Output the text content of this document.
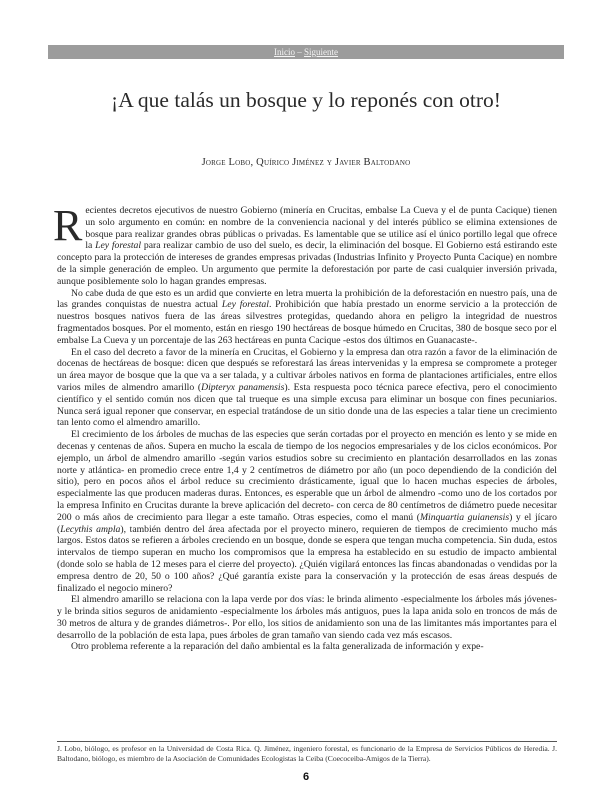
Inicio – Siguiente
¡A que talás un bosque y lo reponés con otro!
Jorge Lobo, Quírico Jiménez y Javier Baltodano

Recientes decretos ejecutivos de nuestro Gobierno (minería en Crucitas, embalse La Cueva y el de punta Cacique) tienen un solo argumento en común: en nombre de la conveniencia nacional y del interés público se elimina extensiones de bosque para realizar grandes obras públicas o privadas. Es lamentable que se utilice así el único portillo legal que ofrece la Ley forestal para realizar cambio de uso del suelo, es decir, la eliminación del bosque. El Gobierno está estirando este concepto para la protección de intereses de grandes empresas privadas (Industrias Infinito y Proyecto Punta Cacique) en nombre de la simple generación de empleo. Un argumento que permite la deforestación por parte de casi cualquier inversión privada, aunque posiblemente solo lo hagan grandes empresas.

No cabe duda de que esto es un ardid que convierte en letra muerta la prohibición de la deforestación en nuestro país, una de las grandes conquistas de nuestra actual Ley forestal. Prohibición que había prestado un enorme servicio a la protección de nuestros bosques nativos fuera de las áreas silvestres protegidas, quedando ahora en peligro la integridad de nuestros fragmentados bosques. Por el momento, están en riesgo 190 hectáreas de bosque húmedo en Crucitas, 380 de bosque seco por el embalse La Cueva y un porcentaje de las 263 hectáreas en punta Cacique -estos dos últimos en Guanacaste-.

En el caso del decreto a favor de la minería en Crucitas, el Gobierno y la empresa dan otra razón a favor de la eliminación de docenas de hectáreas de bosque: dicen que después se reforestará las áreas intervenidas y la empresa se compromete a proteger un área mayor de bosque que la que va a ser talada, y a cultivar árboles nativos en forma de plantaciones artificiales, entre ellos varios miles de almendro amarillo (Dipteryx panamensis). Esta respuesta poco técnica parece efectiva, pero el conocimiento científico y el sentido común nos dicen que tal trueque es una simple excusa para eliminar un bosque con fines pecuniarios. Nunca será igual reponer que conservar, en especial tratándose de un sitio donde una de las especies a talar tiene un crecimiento tan lento como el almendro amarillo.

El crecimiento de los árboles de muchas de las especies que serán cortadas por el proyecto en mención es lento y se mide en decenas y centenas de años. Supera en mucho la escala de tiempo de los negocios empresariales y de los ciclos económicos. Por ejemplo, un árbol de almendro amarillo -según varios estudios sobre su crecimiento en plantación desarrollados en las zonas norte y atlántica- en promedio crece entre 1,4 y 2 centímetros de diámetro por año (un poco dependiendo de la condición del sitio), pero en pocos años el árbol reduce su crecimiento drásticamente, igual que lo hacen muchas especies de árboles, especialmente las que producen maderas duras. Entonces, es esperable que un árbol de almendro -como uno de los cortados por la empresa Infinito en Crucitas durante la breve aplicación del decreto- con cerca de 80 centímetros de diámetro puede necesitar 200 o más años de crecimiento para llegar a este tamaño. Otras especies, como el manú (Minquartia guianensis) y el jícaro (Lecythis ampla), también dentro del área afectada por el proyecto minero, requieren de tiempos de crecimiento mucho más largos. Estos datos se refieren a árboles creciendo en un bosque, donde se espera que tengan mucha competencia. Sin duda, estos intervalos de tiempo superan en mucho los compromisos que la empresa ha establecido en su estudio de impacto ambiental (donde solo se habla de 12 meses para el cierre del proyecto). ¿Quién vigilará entonces las fincas abandonadas o vendidas por la empresa dentro de 20, 50 o 100 años? ¿Qué garantía existe para la conservación y la protección de esas áreas después de finalizado el negocio minero?

El almendro amarillo se relaciona con la lapa verde por dos vías: le brinda alimento -especialmente los árboles más jóvenes- y le brinda sitios seguros de anidamiento -especialmente los árboles más antiguos, pues la lapa anida solo en troncos de más de 30 metros de altura y de grandes diámetros-. Por ello, los sitios de anidamiento son una de las limitantes más importantes para el desarrollo de la población de esta lapa, pues árboles de gran tamaño van siendo cada vez más escasos.

Otro problema referente a la reparación del daño ambiental es la falta generalizada de información y expe-

J. Lobo, biólogo, es profesor en la Universidad de Costa Rica. Q. Jiménez, ingeniero forestal, es funcionario de la Empresa de Servicios Públicos de Heredia. J. Baltodano, biólogo, es miembro de la Asociación de Comunidades Ecologistas la Ceiba (Coecoceiba-Amigos de la Tierra).

6
